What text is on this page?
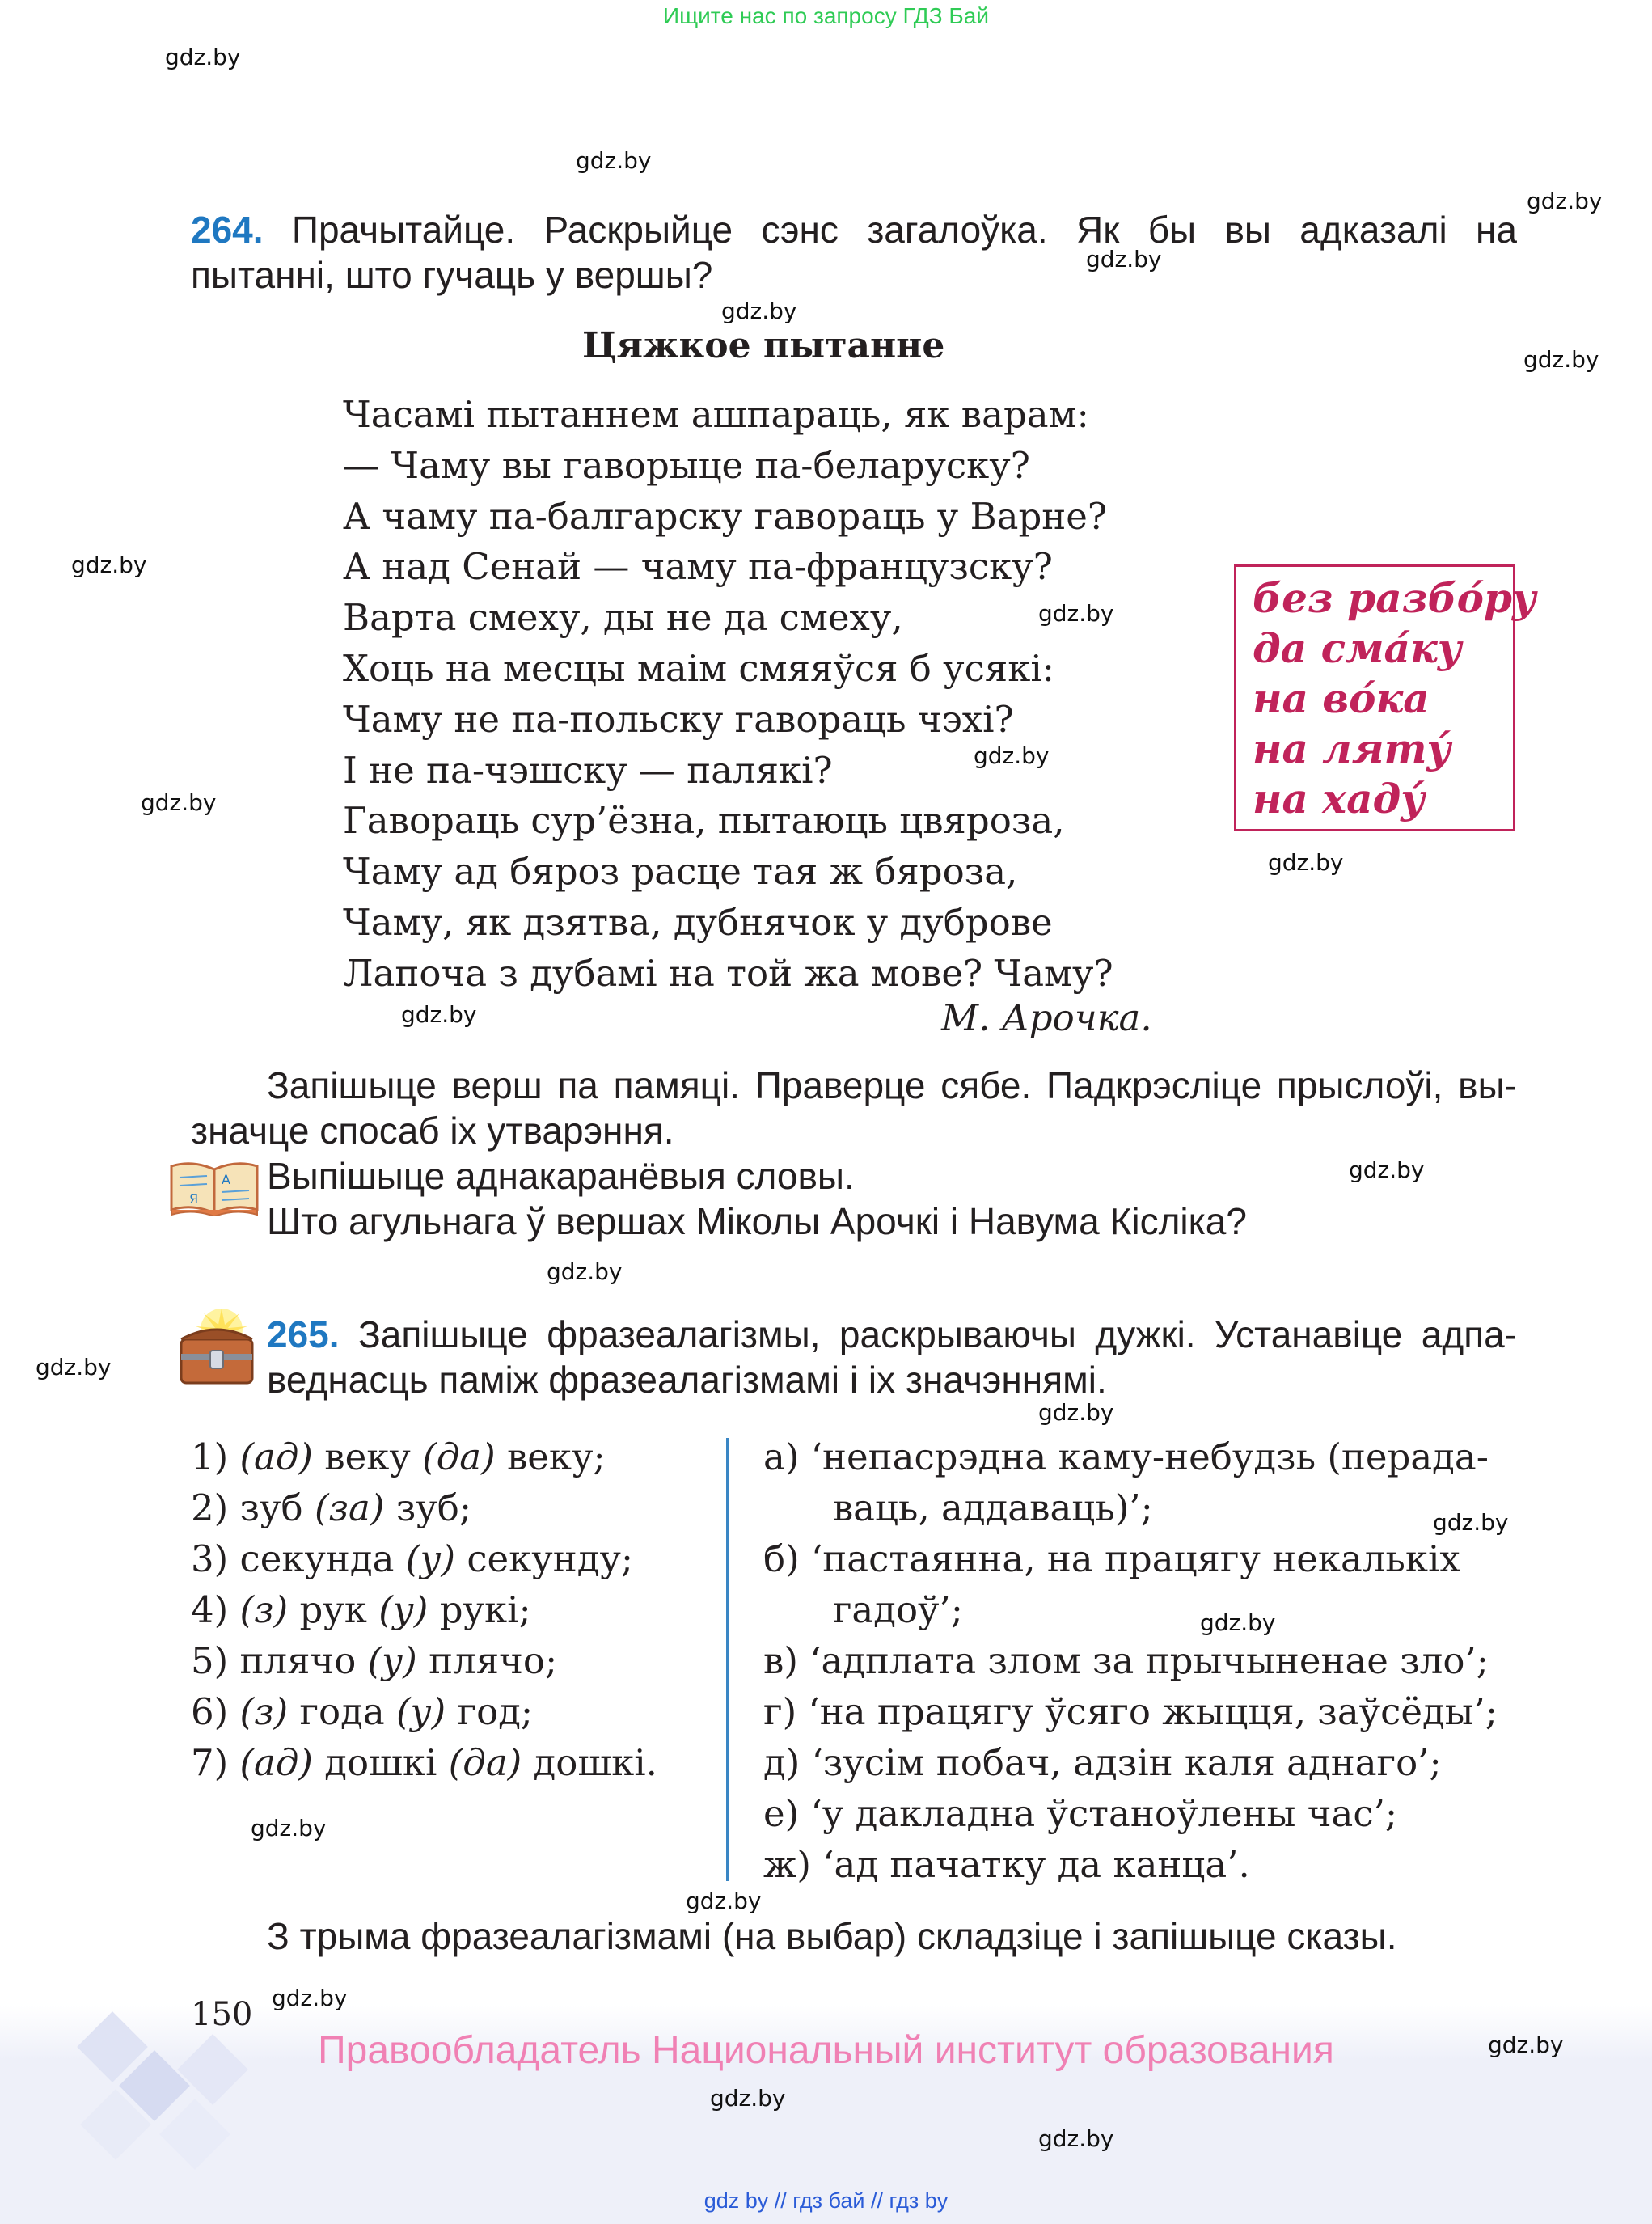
Ищите нас по запросу ГДЗ Бай
gdz.by
gdz.by
gdz.by
gdz.by
gdz.by
gdz.by
gdz.by
gdz.by
gdz.by
gdz.by
gdz.by
gdz.by
gdz.by
gdz.by
gdz.by
gdz.by
gdz.by
gdz.by
gdz.by
gdz.by
264. Прачытайце. Раскрыйце сэнс загалоўка. Як бы вы адказалі на
пытанні, што гучаць у вершы?
Цяжкое пытанне
Часамі пытаннем ашпарaць, як варам:
— Чаму вы гаворыце па-беларуску?
А чаму па-балгарску гавораць у Варне?
А над Сенай — чаму па-французску?
Варта смеху, ды не да смеху,
Хоць на месцы маім смяяўся б усякі:
Чаму не па-польску гавораць чэхі?
І не па-чэшску — палякі?
Гавораць сур’ёзна, пытаюць цвяроза,
Чаму ад бяроз расце тая ж бяроза,
Чаму, як дзятва, дубнячок у дуброве
Лапоча з дубамі на той жа мове? Чаму?
М. Арочка.
без разбо́ру
да сма́ку
на во́ка
на ляту́
на хаду́
Запішыце верш па памяці. Праверце сябе. Падкрэсліце прыслоўі, вы-
значце спосаб іх утварэння.
Выпішыце аднакаранёвыя словы.
Што агульнага ў вершах Міколы Арочкі і Навума Кісліка?
А
Я
265. Запішыце фразеалагізмы, раскрываючы дужкі. Устанавіце адпа-
веднасць паміж фразеалагізмамі і іх значэннямі.
1) (ад) веку (да) веку;
2) зуб (за) зуб;
3) секунда (у) секунду;
4) (з) рук (у) рукі;
5) плячо (у) плячо;
6) (з) года (у) год;
7) (ад) дошкі (да) дошкі.
а) ‘непасрэдна каму-небудзь (перада-
ваць, аддаваць)’;
б) ‘пастаянна, на працягу некалькіх
гадоў’;
в) ‘адплата злом за прычыненае зло’;
г) ‘на працягу ўсяго жыцця, заўсёды’;
д) ‘зусім побач, адзін каля аднаго’;
е) ‘у дакладна ўстаноўлены час’;
ж) ‘ад пачатку да канца’.
З трыма фразеалагізмамі (на выбар) складзіце і запішыце сказы.
150 gdz.by
Правообладатель Национальный институт образования	gdz.by
gdz.by
gdz.by
gdz by // гдз бай // гдз by
